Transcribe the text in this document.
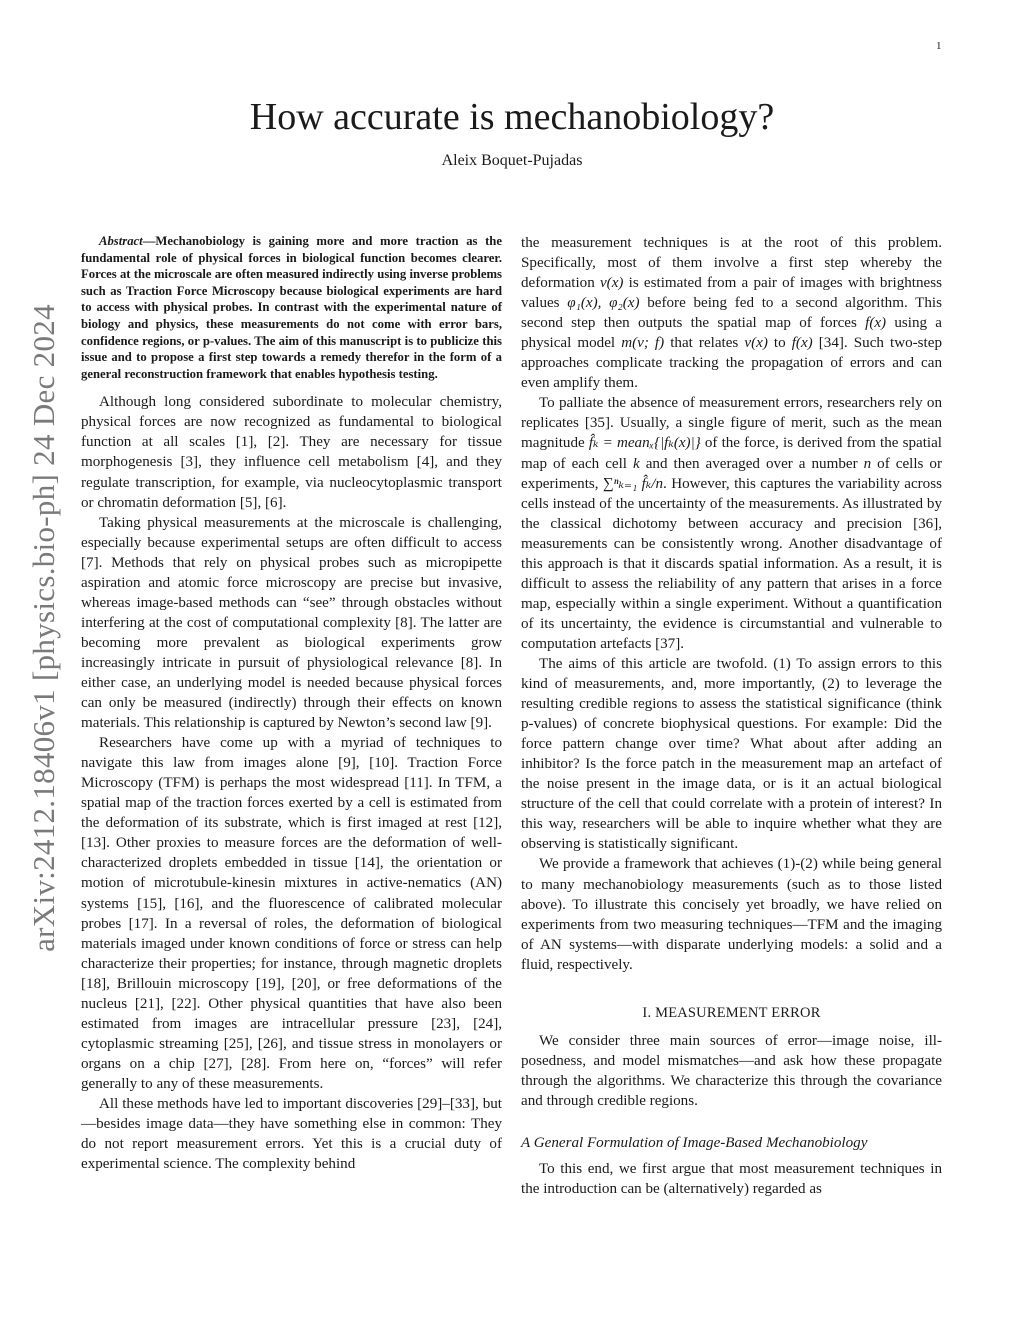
1
arXiv:2412.18406v1 [physics.bio-ph] 24 Dec 2024
How accurate is mechanobiology?
Aleix Boquet-Pujadas

Abstract—Mechanobiology is gaining more and more traction as the fundamental role of physical forces in biological function becomes clearer. Forces at the microscale are often measured indirectly using inverse problems such as Traction Force Microscopy because biological experiments are hard to access with physical probes. In contrast with the experimental nature of biology and physics, these measurements do not come with error bars, confidence regions, or p-values. The aim of this manuscript is to publicize this issue and to propose a first step towards a remedy therefor in the form of a general reconstruction framework that enables hypothesis testing.

Although long considered subordinate to molecular chemistry, physical forces are now recognized as fundamental to biological function at all scales [1], [2]. They are necessary for tissue morphogenesis [3], they influence cell metabolism [4], and they regulate transcription, for example, via nucleocytoplasmic transport or chromatin deformation [5], [6].

Taking physical measurements at the microscale is challenging, especially because experimental setups are often difficult to access [7]. Methods that rely on physical probes such as micropipette aspiration and atomic force microscopy are precise but invasive, whereas image-based methods can “see” through obstacles without interfering at the cost of computational complexity [8]. The latter are becoming more prevalent as biological experiments grow increasingly intricate in pursuit of physiological relevance [8]. In either case, an underlying model is needed because physical forces can only be measured (indirectly) through their effects on known materials. This relationship is captured by Newton’s second law [9].

Researchers have come up with a myriad of techniques to navigate this law from images alone [9], [10]. Traction Force Microscopy (TFM) is perhaps the most widespread [11]. In TFM, a spatial map of the traction forces exerted by a cell is estimated from the deformation of its substrate, which is first imaged at rest [12], [13]. Other proxies to measure forces are the deformation of well-characterized droplets embedded in tissue [14], the orientation or motion of microtubule-kinesin mixtures in active-nematics (AN) systems [15], [16], and the fluorescence of calibrated molecular probes [17]. In a reversal of roles, the deformation of biological materials imaged under known conditions of force or stress can help characterize their properties; for instance, through magnetic droplets [18], Brillouin microscopy [19], [20], or free deformations of the nucleus [21], [22]. Other physical quantities that have also been estimated from images are intracellular pressure [23], [24], cytoplasmic streaming [25], [26], and tissue stress in monolayers or organs on a chip [27], [28]. From here on, “forces” will refer generally to any of these measurements.

All these methods have led to important discoveries [29]–[33], but—besides image data—they have something else in common: They do not report measurement errors. Yet this is a crucial duty of experimental science. The complexity behind

the measurement techniques is at the root of this problem. Specifically, most of them involve a first step whereby the deformation v(x) is estimated from a pair of images with brightness values φ₁(x), φ₂(x) before being fed to a second algorithm. This second step then outputs the spatial map of forces f(x) using a physical model m(v; f) that relates v(x) to f(x) [34]. Such two-step approaches complicate tracking the propagation of errors and can even amplify them.

To palliate the absence of measurement errors, researchers rely on replicates [35]. Usually, a single figure of merit, such as the mean magnitude f̂ₖ = meanₓ{|fₖ(x)|} of the force, is derived from the spatial map of each cell k and then averaged over a number n of cells or experiments, ∑ⁿₖ₌₁ f̂ₖ/n. However, this captures the variability across cells instead of the uncertainty of the measurements. As illustrated by the classical dichotomy between accuracy and precision [36], measurements can be consistently wrong. Another disadvantage of this approach is that it discards spatial information. As a result, it is difficult to assess the reliability of any pattern that arises in a force map, especially within a single experiment. Without a quantification of its uncertainty, the evidence is circumstantial and vulnerable to computation artefacts [37].

The aims of this article are twofold. (1) To assign errors to this kind of measurements, and, more importantly, (2) to leverage the resulting credible regions to assess the statistical significance (think p-values) of concrete biophysical questions. For example: Did the force pattern change over time? What about after adding an inhibitor? Is the force patch in the measurement map an artefact of the noise present in the image data, or is it an actual biological structure of the cell that could correlate with a protein of interest? In this way, researchers will be able to inquire whether what they are observing is statistically significant.

We provide a framework that achieves (1)-(2) while being general to many mechanobiology measurements (such as to those listed above). To illustrate this concisely yet broadly, we have relied on experiments from two measuring techniques—TFM and the imaging of AN systems—with disparate underlying models: a solid and a fluid, respectively.

I. MEASUREMENT ERROR

We consider three main sources of error—image noise, ill-posedness, and model mismatches—and ask how these propagate through the algorithms. We characterize this through the covariance and through credible regions.

A General Formulation of Image-Based Mechanobiology

To this end, we first argue that most measurement techniques in the introduction can be (alternatively) regarded as
